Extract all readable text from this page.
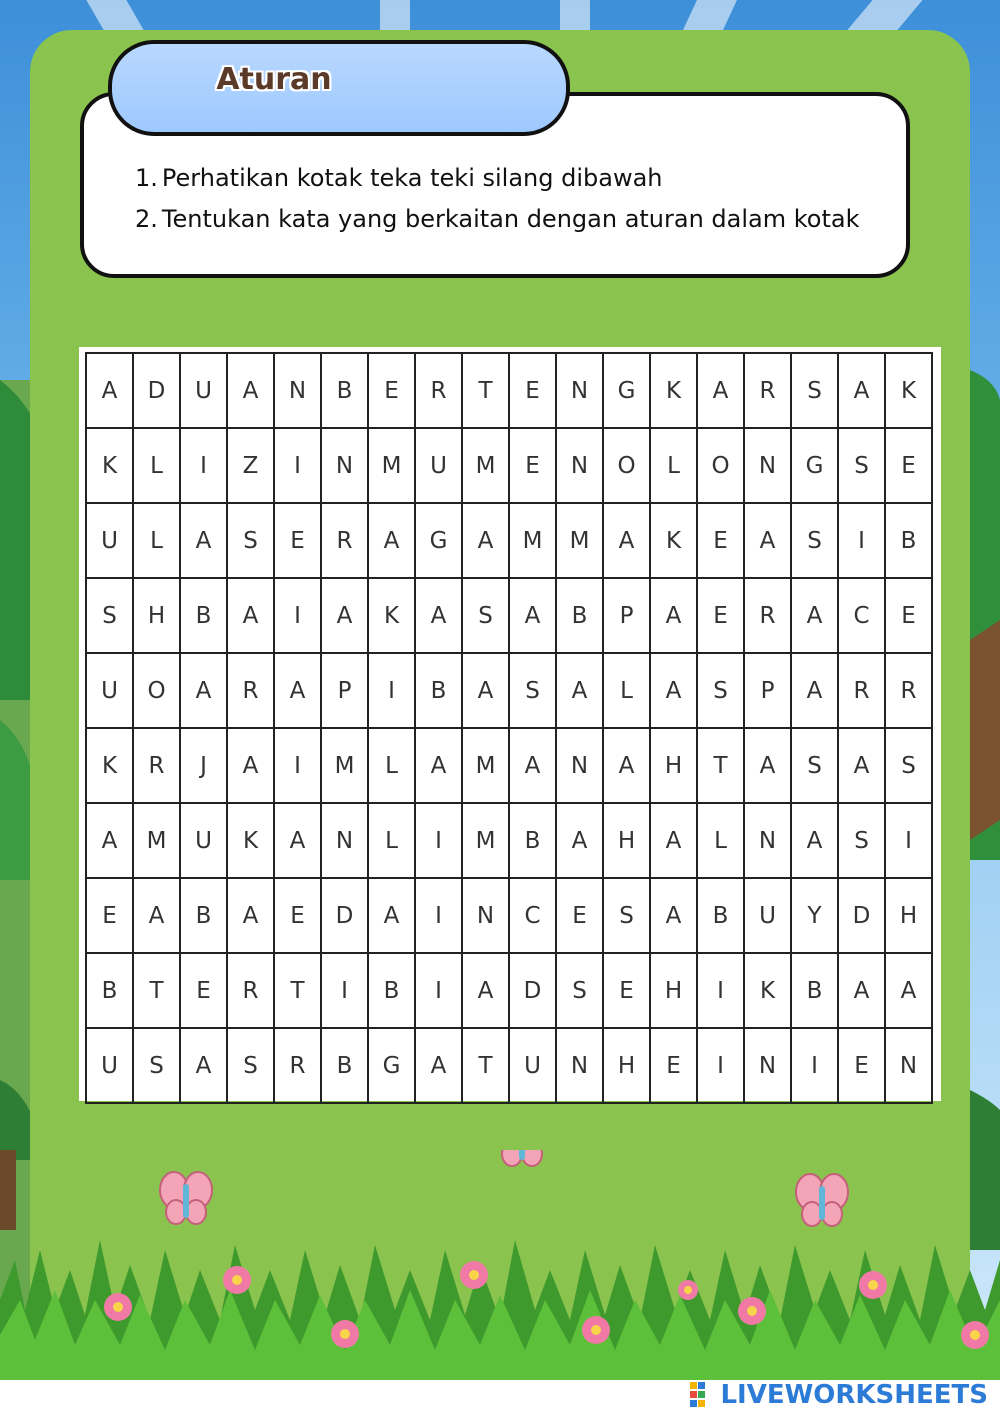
Aturan
1. Perhatikan kotak teka teki silang dibawah
2. Tentukan kata yang berkaitan dengan aturan dalam kotak
A	D	U	A	N	B	E	R	T	E	N	G	K	A	R	S	A	K
K	L	I	Z	I	N	M	U	M	E	N	O	L	O	N	G	S	E
U	L	A	S	E	R	A	G	A	M	M	A	K	E	A	S	I	B
S	H	B	A	I	A	K	A	S	A	B	P	A	E	R	A	C	E
U	O	A	R	A	P	I	B	A	S	A	L	A	S	P	A	R	R
K	R	J	A	I	M	L	A	M	A	N	A	H	T	A	S	A	S
A	M	U	K	A	N	L	I	M	B	A	H	A	L	N	A	S	I
E	A	B	A	E	D	A	I	N	C	E	S	A	B	U	Y	D	H
B	T	E	R	T	I	B	I	A	D	S	E	H	I	K	B	A	A
U	S	A	S	R	B	G	A	T	U	N	H	E	I	N	I	E	N
LIVEWORKSHEETS
